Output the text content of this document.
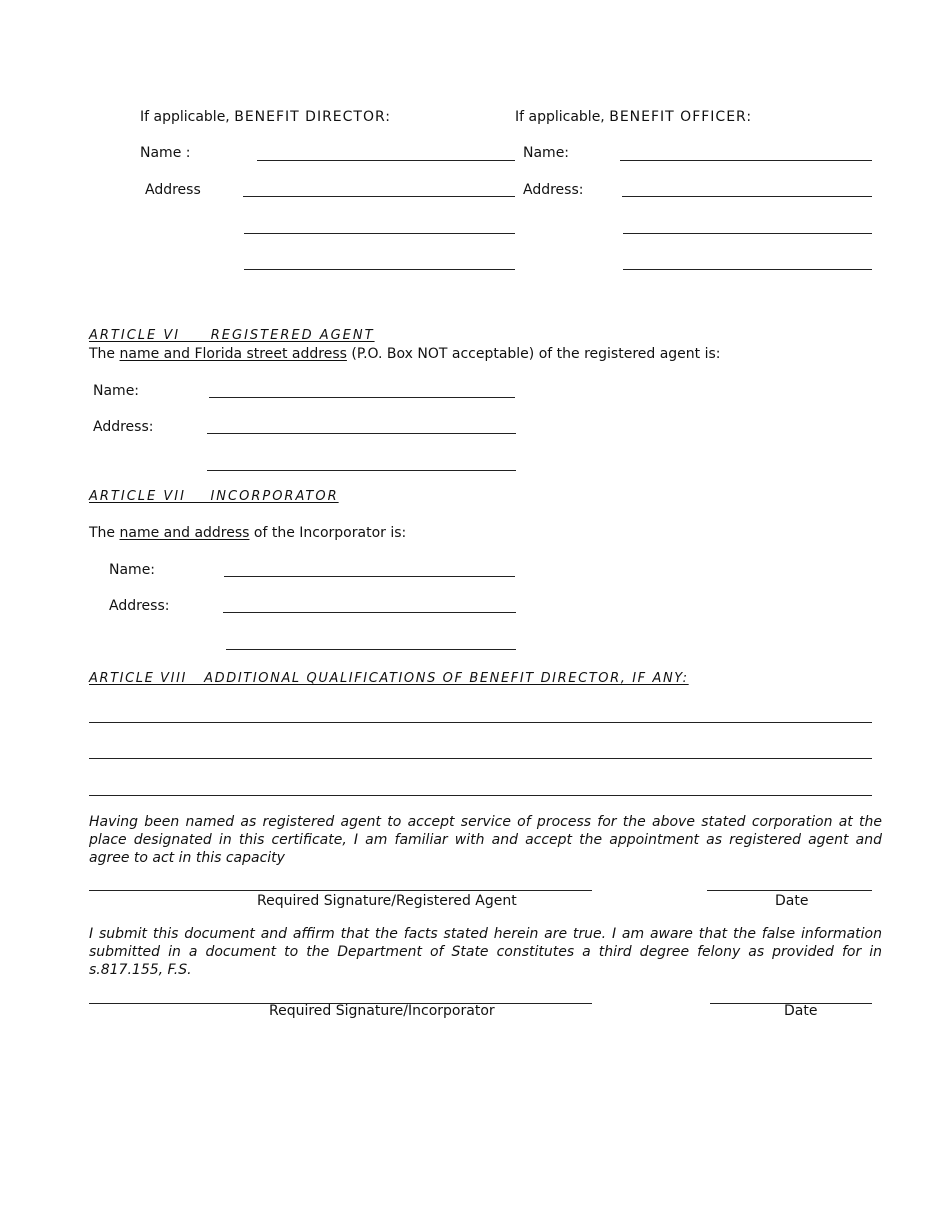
If applicable, BENEFIT DIRECTOR:	If applicable, BENEFIT OFFICER:
Name :	Name:
Address	Address:
ARTICLE VI     REGISTERED AGENT
The name and Florida street address (P.O. Box NOT acceptable) of the registered agent is:
Name:
Address:
ARTICLE VII    INCORPORATOR
The name and address of the Incorporator is:
Name:
Address:
ARTICLE VIII   ADDITIONAL QUALIFICATIONS OF BENEFIT DIRECTOR, IF ANY:
Having been named as registered agent to accept service of process for the above stated corporation at the place designated in this certificate, I am familiar with and accept the appointment as registered agent and agree to act in this capacity
Required Signature/Registered Agent	Date
I submit this document and affirm that the facts stated herein are true. I am aware that the false information submitted in a document to the Department of State constitutes a third degree felony as provided for in s.817.155, F.S.
Required Signature/Incorporator	Date
